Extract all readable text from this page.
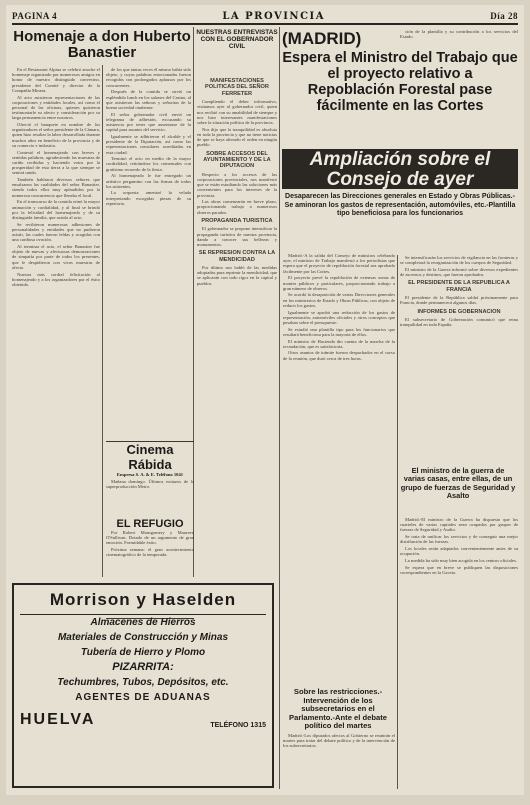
PAGINA 4	LA PROVINCIA	Día 28
Homenaje a don Huberto Banastier

En el Restaurant Alpina se celebró anoche el homenaje organizado por numerosos amigos en honor de nuestro distinguido convecino, presidente del Comité y director de la Compañía Minera.

Al acto asistieron representaciones de las corporaciones y entidades locales, así como el personal de las oficinas, quienes quisieron testimoniarle su afecto y consideración por su larga permanencia entre nosotros.

Ofreció el banquete en nombre de los organizadores el señor presidente de la Cámara, quien hizo resaltar la labor desarrollada durante muchos años en beneficio de la provincia y de su comercio e industria.

Contestó el homenajeado con breves y sentidas palabras, agradeciendo las muestras de cariño recibidas y haciendo votos por la prosperidad de esta tierra a la que siempre se sentirá unido.

También hablaron diversos señores que ensalzaron las cualidades del señor Banastier, siendo todos ellos muy aplaudidos por la numerosa concurrencia que llenaba el local.

En el transcurso de la comida reinó la mayor animación y cordialidad, y al final se brindó por la felicidad del homenajeado y de su distinguida familia, que asistía al acto.

Se recibieron numerosas adhesiones de personalidades y entidades que no pudieron asistir, las cuales fueron leídas y acogidas con una cariñosa ovación.

Al terminar el acto, el señor Banastier fue objeto de nuevas y afectuosas demostraciones de simpatía por parte de todos los presentes, que le despidieron con vivas muestras de afecto.

Nuestra más cordial felicitación al homenajeado y a los organizadores por el éxito obtenido.

de los que tantas veces él mismo había sido objeto, y cuyas palabras emocionadas fueron recogidas con prolongados aplausos por los concurrentes.

Después de la comida se sirvió un espléndido lunch en los salones del Casino, al que asistieron las señoras y señoritas de la buena sociedad onubense.

El señor gobernador civil envió un telegrama de adhesión, excusando su asistencia por tener que ausentarse de la capital para asuntos del servicio.

Igualmente se adhirieron el alcalde y el presidente de la Diputación, así como las representaciones consulares acreditadas en esta ciudad.

Terminó el acto en medio de la mayor cordialidad, retirándose los comensales con gratísimo recuerdo de la fiesta.

Al homenajeado le fue entregado un artístico pergamino con las firmas de todos los asistentes.

La orquesta amenizó la velada interpretando escogidas piezas de su repertorio.

Cinema Rábida
Empresa S. A. & E. Teléfono 1041

Mañana domingo. Últimos exitazos de la superproducción Metro.

EL REFUGIO

Por Robert Montgomery y Maureen O'Sullivan. Dotado de un argumento de gran emoción. Formidable éxito.

Próxima semana: el gran acontecimiento cinematográfico de la temporada.

NUESTRAS ENTREVISTAS CON EL GOBERNADOR CIVIL
MANIFESTACIONES POLITICAS DEL SEÑOR FERRETER

Cumpliendo el deber informativo, visitamos ayer al gobernador civil, quien nos recibió con su amabilidad de siempre y nos hizo interesantes manifestaciones sobre la situación política de la provincia.

Nos dijo que la tranquilidad es absoluta en toda la provincia y que no tiene noticias de que se haya alterado el orden en ningún pueblo.

SOBRE ACCESOS DEL AYUNTAMIENTO Y DE LA DIPUTACION

Respecto a los accesos de las corporaciones provinciales, nos manifestó que se están estudiando las soluciones más convenientes para los intereses de la provincia.

Las obras comenzarán en breve plazo, proporcionando trabajo a numerosos obreros parados.

PROPAGANDA TURISTICA

El gobernador se propone intensificar la propaganda turística de nuestra provincia, dando a conocer sus bellezas y monumentos.

SE REPRESION CONTRA LA MENDICIDAD

Por último nos habló de las medidas adoptadas para reprimir la mendicidad, que se aplicarán con todo rigor en la capital y pueblos.

(MADRID)	ción de la plantilla y su contribución a los servicios del Estado.

Espera el Ministro del Trabajo que el proyecto relativo a Repoblación Forestal pase fácilmente en las Cortes
Ampliación sobre el Consejo de ayer
Desaparecen las Direcciones generales en Estado y Obras Públicas.-Se aminoran los gastos de representación, automóviles, etc.-Plantilla tipo beneficiosa para los funcionarios

Madrid.-A la salida del Consejo de ministros celebrado ayer, el ministro de Trabajo manifestó a los periodistas que espera que el proyecto de repoblación forestal sea aprobado fácilmente por las Cortes.

El proyecto prevé la repoblación de extensas zonas de montes públicos y particulares, proporcionando trabajo a gran número de obreros.

Se acordó la desaparición de varias Direcciones generales en los ministerios de Estado y Obras Públicas, con objeto de reducir los gastos.

Igualmente se aprobó una reducción de los gastos de representación, automóviles oficiales y otros conceptos que pesaban sobre el presupuesto.

Se estudió una plantilla tipo para los funcionarios que resultará beneficiosa para la mayoría de ellos.

El ministro de Hacienda dio cuenta de la marcha de la recaudación, que es satisfactoria.

Otros asuntos de trámite fueron despachados en el curso de la reunión, que duró cerca de tres horas.

Sobre las restricciones.-Intervención de los subsecretarios en el Parlamento.-Ante el debate político del martes

Madrid.-Los diputados afectos al Gobierno se reunirán el martes para tratar del debate político y de la intervención de los subsecretarios.

Se intensificarán los servicios de vigilancia en las fronteras y se completará la reorganización de los cuerpos de Seguridad.

El ministro de la Guerra informó sobre diversos expedientes de ascensos y destinos, que fueron aprobados.

EL PRESIDENTE DE LA REPUBLICA A FRANCIA

El presidente de la República saldrá próximamente para Francia, donde permanecerá algunos días.

INFORMES DE GOBERNACION

El subsecretario de Gobernación comunicó que reina tranquilidad en toda España.

El ministro de la guerra de varias casas, entre ellas, de un grupo de fuerzas de Seguridad y Asalto

Madrid.-El ministro de la Guerra ha dispuesto que los cuarteles de varias capitales sean ocupados por grupos de fuerzas de Seguridad y Asalto.

Se trata de unificar los servicios y de conseguir una mejor distribución de las fuerzas.

Los locales serán adaptados convenientemente antes de su ocupación.

La medida ha sido muy bien acogida en los centros oficiales.

Se espera que en breve se publiquen las disposiciones correspondientes en la Gaceta.

Morrison y Haselden
Almacenes de Hierros
Materiales de Construcción y Minas
Tubería de Hierro y Plomo
PIZARRITA:
Techumbres, Tubos, Depósitos, etc.
AGENTES DE ADUANAS
HUELVA	TELÉFONO 1315
